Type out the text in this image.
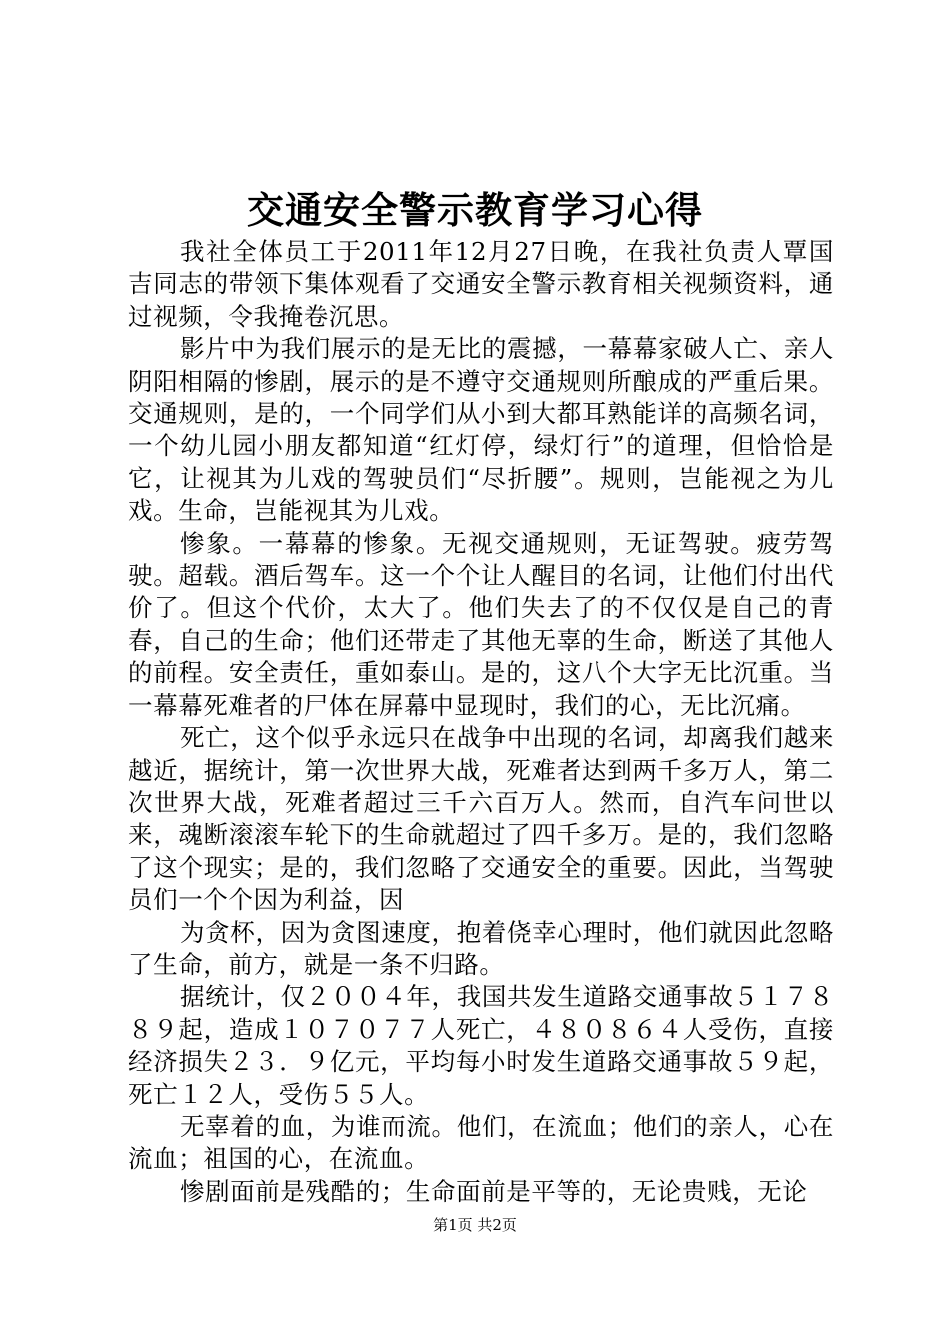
交通安全警示教育学习心得

我社全体员工于2011年12月27日晚，在我社负责人覃国吉同志的带领下集体观看了交通安全警示教育相关视频资料，通过视频，令我掩卷沉思。

影片中为我们展示的是无比的震撼，一幕幕家破人亡、亲人阴阳相隔的惨剧，展示的是不遵守交通规则所酿成的严重后果。交通规则，是的，一个同学们从小到大都耳熟能详的高频名词，一个幼儿园小朋友都知道“红灯停，绿灯行”的道理，但恰恰是它，让视其为儿戏的驾驶员们“尽折腰”。规则，岂能视之为儿戏。生命，岂能视其为儿戏。

惨象。一幕幕的惨象。无视交通规则，无证驾驶。疲劳驾驶。超载。酒后驾车。这一个个让人醒目的名词，让他们付出代价了。但这个代价，太大了。他们失去了的不仅仅是自己的青春，自己的生命；他们还带走了其他无辜的生命，断送了其他人的前程。安全责任，重如泰山。是的，这八个大字无比沉重。当一幕幕死难者的尸体在屏幕中显现时，我们的心，无比沉痛。

死亡，这个似乎永远只在战争中出现的名词，却离我们越来越近，据统计，第一次世界大战，死难者达到两千多万人，第二次世界大战，死难者超过三千六百万人。然而，自汽车问世以来，魂断滚滚车轮下的生命就超过了四千多万。是的，我们忽略了这个现实；是的，我们忽略了交通安全的重要。因此，当驾驶员们一个个因为利益，因

为贪杯，因为贪图速度，抱着侥幸心理时，他们就因此忽略了生命，前方，就是一条不归路。

据统计，仅２００４年，我国共发生道路交通事故５１７８８９起，造成１０７０７７人死亡，４８０８６４人受伤，直接经济损失２３．９亿元，平均每小时发生道路交通事故５９起，死亡１２人，受伤５５人。

无辜着的血，为谁而流。他们，在流血；他们的亲人，心在流血；祖国的心，在流血。

惨剧面前是残酷的；生命面前是平等的，无论贵贱，无论

第1页 共2页
